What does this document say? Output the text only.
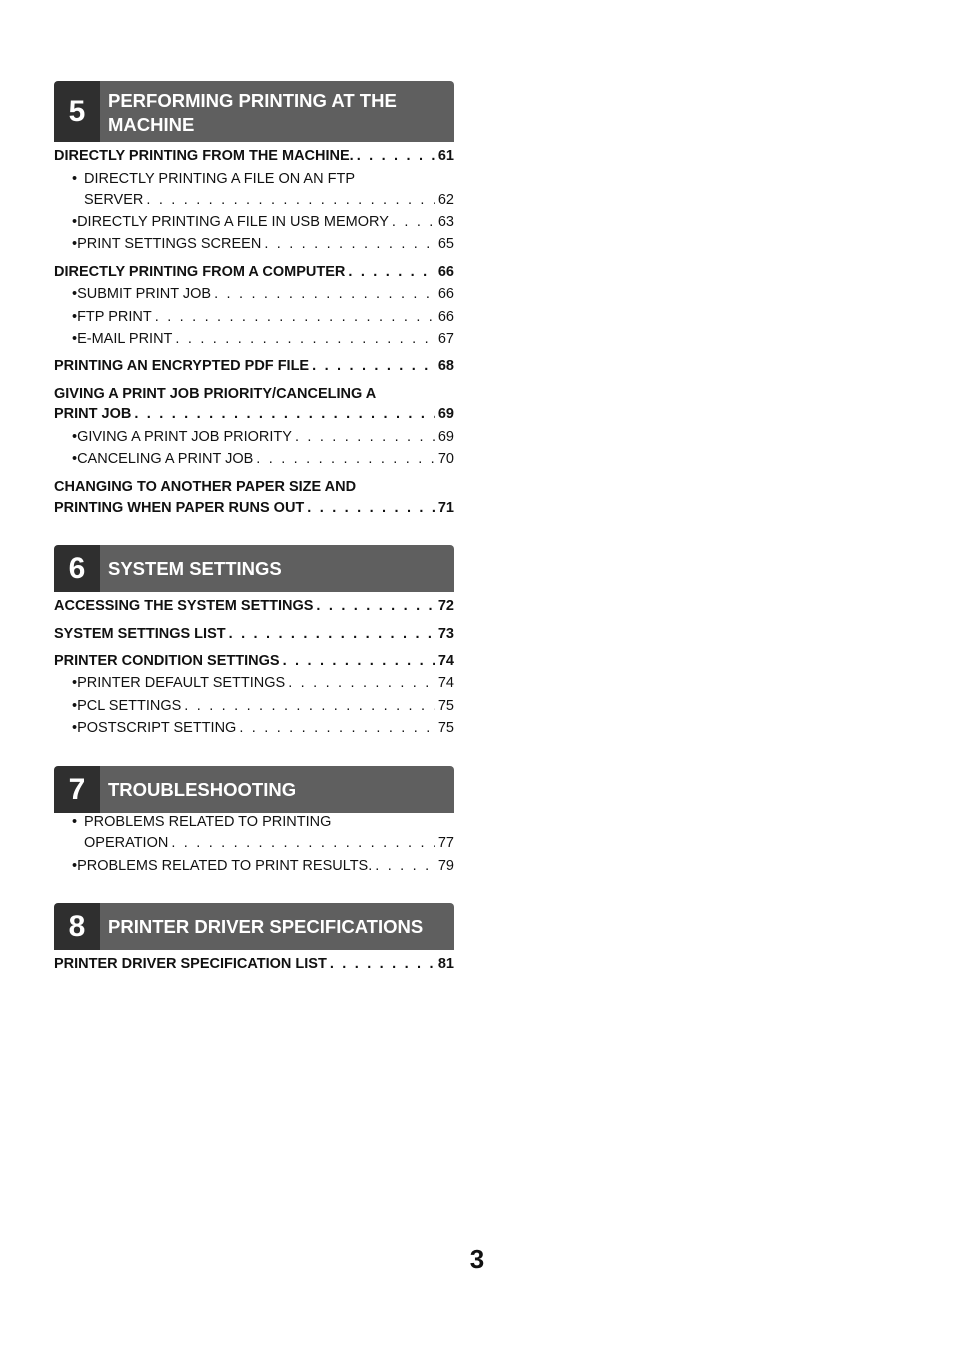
5	PERFORMING PRINTING AT THE
MACHINE
DIRECTLY PRINTING FROM THE MACHINE. . . .	61
• DIRECTLY PRINTING A FILE ON AN FTP
SERVER . . .	62
• DIRECTLY PRINTING A FILE IN USB MEMORY . . .	63
• PRINT SETTINGS SCREEN . . .	65
DIRECTLY PRINTING FROM A COMPUTER . . .	66
• SUBMIT PRINT JOB . . .	66
• FTP PRINT . . .	66
• E-MAIL PRINT . . .	67
PRINTING AN ENCRYPTED PDF FILE . . .	68
GIVING A PRINT JOB PRIORITY/CANCELING A
PRINT JOB . . .	69
• GIVING A PRINT JOB PRIORITY . . .	69
• CANCELING A PRINT JOB . . .	70
CHANGING TO ANOTHER PAPER SIZE AND
PRINTING WHEN PAPER RUNS OUT . . .	71
6	SYSTEM SETTINGS
ACCESSING THE SYSTEM SETTINGS . . .	72
SYSTEM SETTINGS LIST . . .	73
PRINTER CONDITION SETTINGS . . .	74
• PRINTER DEFAULT SETTINGS . . .	74
• PCL SETTINGS . . .	75
• POSTSCRIPT SETTING . . .	75
7	TROUBLESHOOTING
• PROBLEMS RELATED TO PRINTING
OPERATION . . .	77
• PROBLEMS RELATED TO PRINT RESULTS. . . .	79
8	PRINTER DRIVER SPECIFICATIONS
PRINTER DRIVER SPECIFICATION LIST . . .	81
3
